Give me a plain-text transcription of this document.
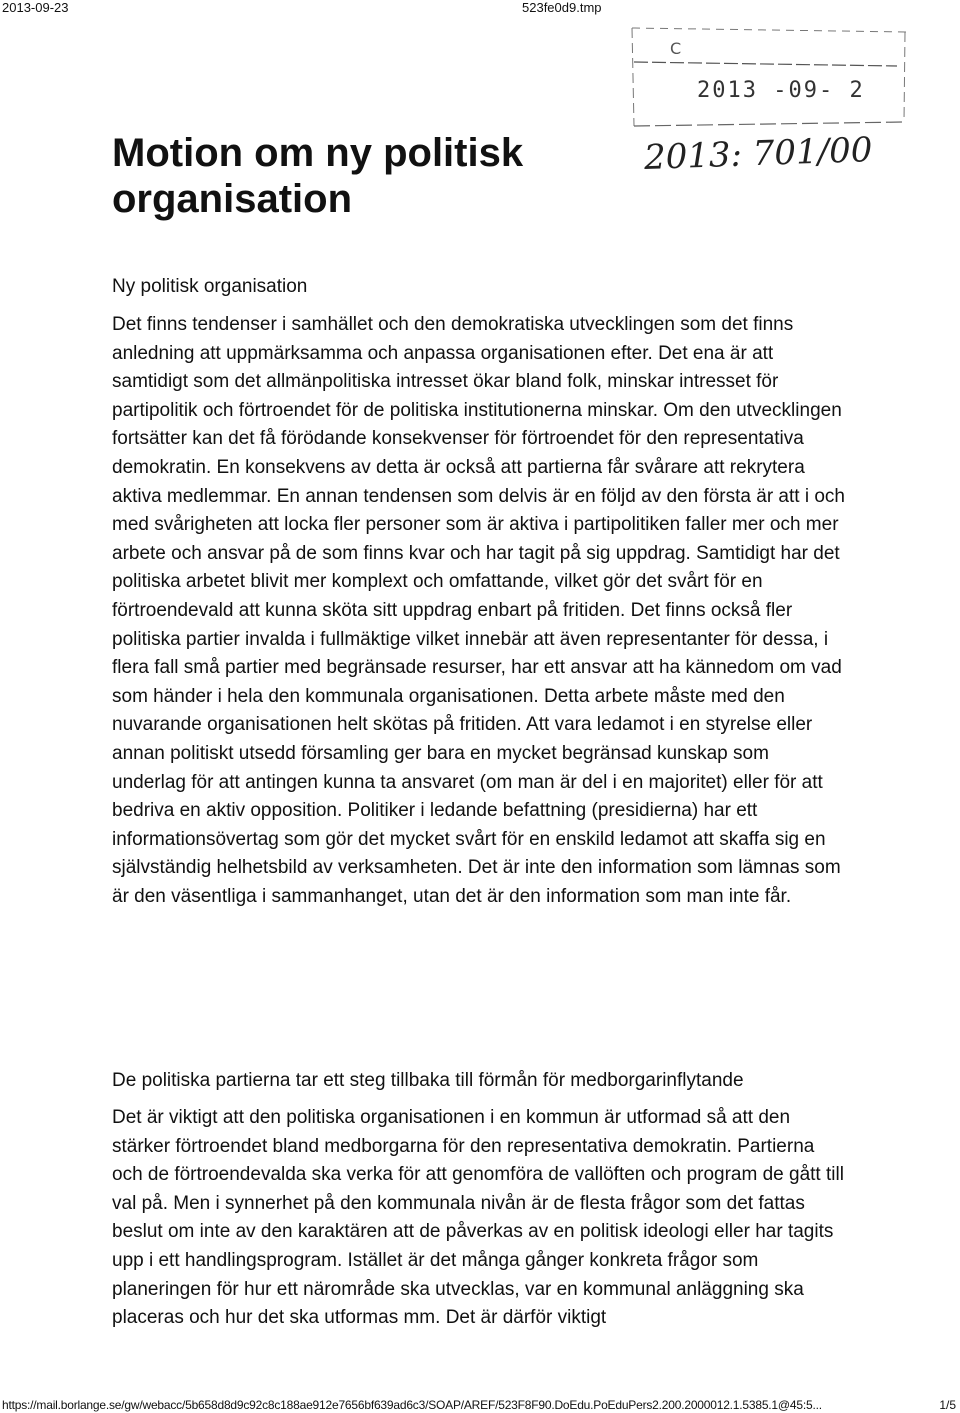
2013-09-23	523fe0d9.tmp
C
2013 -09- 2
2013: 701/00
Motion om ny politisk organisation
Ny politisk organisation

Det finns tendenser i samhället och den demokratiska utvecklingen som det finns anledning att uppmärksamma och anpassa organisationen efter. Det ena är att samtidigt som det allmänpolitiska intresset ökar bland folk, minskar intresset för partipolitik och förtroendet för de politiska institutionerna minskar. Om den utvecklingen fortsätter kan det få förödande konsekvenser för förtroendet för den representativa demokratin. En konsekvens av detta är också att partierna får svårare att rekrytera aktiva medlemmar. En annan tendensen som delvis är en följd av den första är att i och med svårigheten att locka fler personer som är aktiva i partipolitiken faller mer och mer arbete och ansvar på de som finns kvar och har tagit på sig uppdrag. Samtidigt har det politiska arbetet blivit mer komplext och omfattande, vilket gör det svårt för en förtroendevald att kunna sköta sitt uppdrag enbart på fritiden. Det finns också fler politiska partier invalda i fullmäktige vilket innebär att även representanter för dessa, i flera fall små partier med begränsade resurser, har ett ansvar att ha kännedom om vad som händer i hela den kommunala organisationen. Detta arbete måste med den nuvarande organisationen helt skötas på fritiden. Att vara ledamot i en styrelse eller annan politiskt utsedd församling ger bara en mycket begränsad kunskap som underlag för att antingen kunna ta ansvaret (om man är del i en majoritet) eller för att bedriva en aktiv opposition. Politiker i ledande befattning (presidierna) har ett informationsövertag som gör det mycket svårt för en enskild ledamot att skaffa sig en självständig helhetsbild av verksamheten. Det är inte den information som lämnas som är den väsentliga i sammanhanget, utan det är den information som man inte får.

De politiska partierna tar ett steg tillbaka till förmån för medborgarinflytande

Det är viktigt att den politiska organisationen i en kommun är utformad så att den stärker förtroendet bland medborgarna för den representativa demokratin. Partierna och de förtroendevalda ska verka för att genomföra de vallöften och program de gått till val på. Men i synnerhet på den kommunala nivån är de flesta frågor som det fattas beslut om inte av den karaktären att de påverkas av en politisk ideologi eller har tagits upp i ett handlingsprogram. Istället är det många gånger konkreta frågor som planeringen för hur ett närområde ska utvecklas, var en kommunal anläggning ska placeras och hur det ska utformas mm. Det är därför viktigt

https://mail.borlange.se/gw/webacc/5b658d8d9c92c8c188ae912e7656bf639ad6c3/SOAP/AREF/523F8F90.DoEdu.PoEduPers2.200.2000012.1.5385.1@45:5...	1/5
